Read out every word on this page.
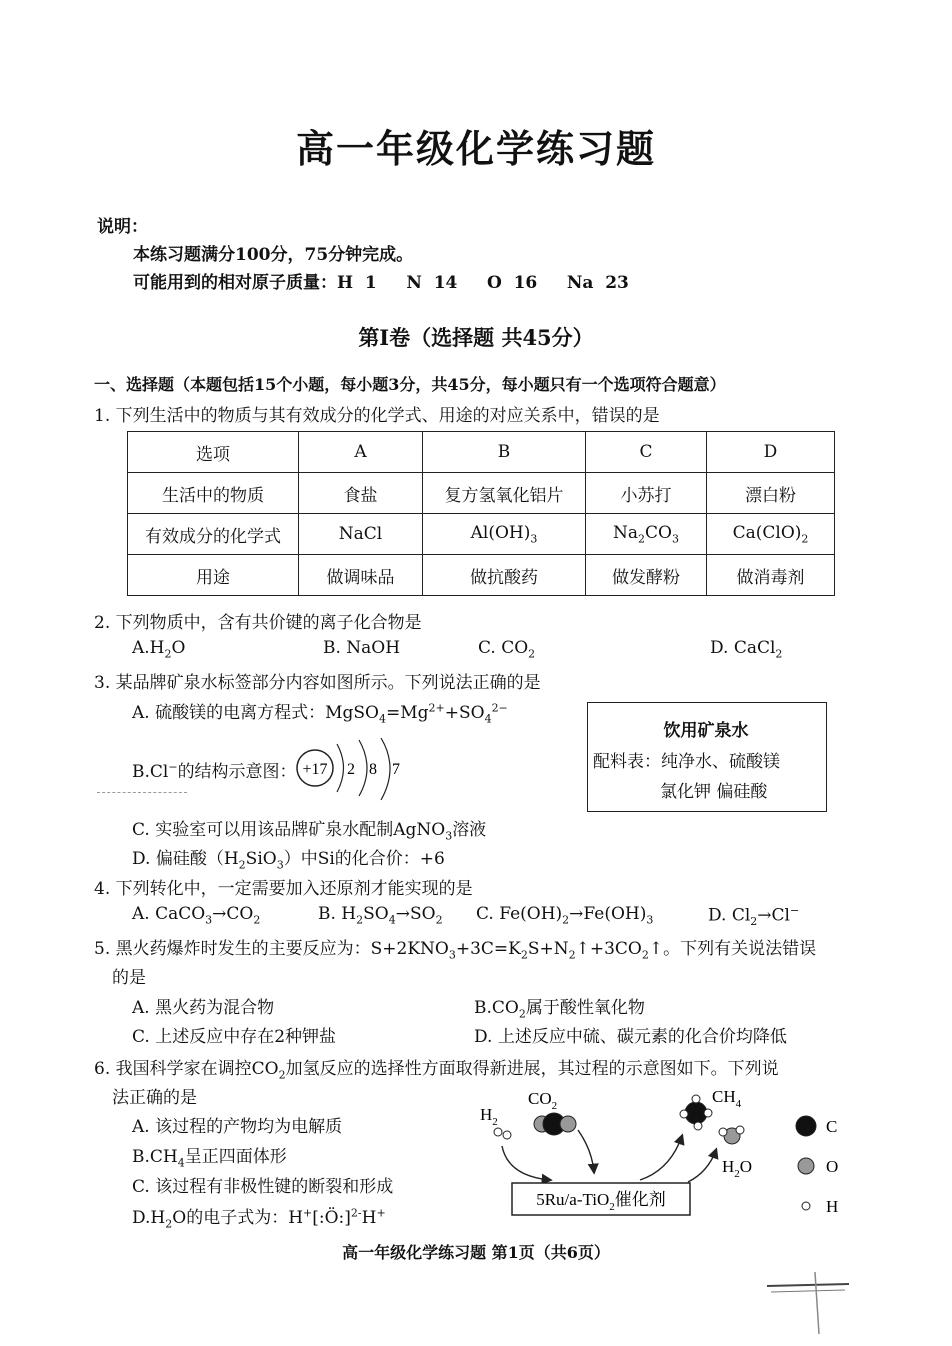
高一年级化学练习题
说明：
本练习题满分100分，75分钟完成。
可能用到的相对原子质量：H  1     N  14     O  16     Na  23
第Ⅰ卷（选择题 共45分）
一、选择题（本题包括15个小题，每小题3分，共45分，每小题只有一个选项符合题意）
1. 下列生活中的物质与其有效成分的化学式、用途的对应关系中，错误的是
选项	A	B	C	D
生活中的物质	食盐	复方氢氧化铝片	小苏打	漂白粉
有效成分的化学式	NaCl	$Al(OH)_3$	$Na_2CO_3$	$Ca(ClO)_2$
用途	做调味品	做抗酸药	做发酵粉	做消毒剂
2. 下列物质中，含有共价键的离子化合物是
$A.H_2O$	B. NaOH	C. $CO_2$	D. CaCl$_2$
3. 某品牌矿泉水标签部分内容如图所示。下列说法正确的是
A. 硫酸镁的电离方程式：$MgSO_4=Mg^{2+}+SO_4^{2-}$
B.Cl−的结构示意图： +17 2 8 7
饮用矿泉水
配料表：纯净水、硫酸镁
氯化钾 偏硅酸
C. 实验室可以用该品牌矿泉水配制AgNO$_3$溶液
D. 偏硅酸$(H_2SiO_3)$中Si的化合价：+6
4. 下列转化中，一定需要加入还原剂才能实现的是
A. $CaCO_3\to CO_2$	B. $H_2SO_4\to SO_2$ C. $Fe(OH)_2\to Fe(OH)_3$	D. $Cl_2\to Cl^-$
5. 黑火药爆炸时发生的主要反应为：$S+2KNO_3+3C=K_2S+N_2↑+3CO_2↑$。下列有关说法错误
的是
A. 黑火药为混合物	$B.CO_2$属于酸性氧化物
C. 上述反应中存在2种钾盐	D. 上述反应中硫、碳元素的化合价均降低
6. 我国科学家在调控$CO_2$加氢反应的选择性方面取得新进展，其过程的示意图如下。下列说
法正确的是
A. 该过程的产物均为电解质
$B.CH_4$呈正四面体形
C. 该过程有非极性键的断裂和形成
$D.H_2O$的电子式为：H+[:Ö:]$^{2-}$H+
$H_2$
$CO_2$	$CH_4$
$H_2O$
5Ru/a-TiO$_2$催化剂
C
O
H
高一年级化学练习题 第1页（共6页）
